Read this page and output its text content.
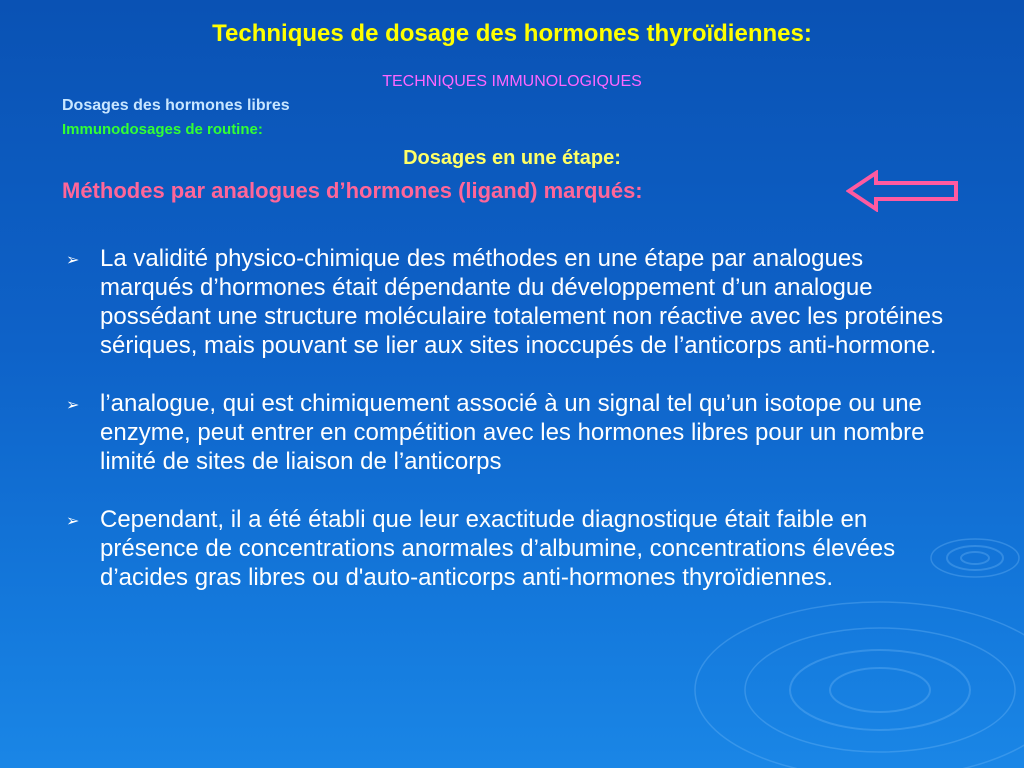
Techniques de dosage des hormones thyroïdiennes:
TECHNIQUES IMMUNOLOGIQUES
Dosages des hormones libres
Immunodosages de routine:
Dosages en une étape:
Méthodes par analogues d’hormones (ligand) marqués:
➢ La validité physico-chimique des méthodes en une étape par analogues marqués d’hormones était dépendante du développement d’un analogue possédant une structure moléculaire totalement non réactive avec les protéines sériques, mais pouvant se lier aux sites inoccupés de l’anticorps anti-hormone.
➢ l’analogue, qui est chimiquement associé à un signal tel qu’un isotope ou une enzyme, peut entrer en compétition avec les hormones libres pour un nombre limité de sites de liaison de l’anticorps
➢ Cependant, il a été établi que leur exactitude diagnostique était faible en présence de concentrations anormales d’albumine, concentrations élevées d’acides gras libres ou d'auto-anticorps anti-hormones thyroïdiennes.
